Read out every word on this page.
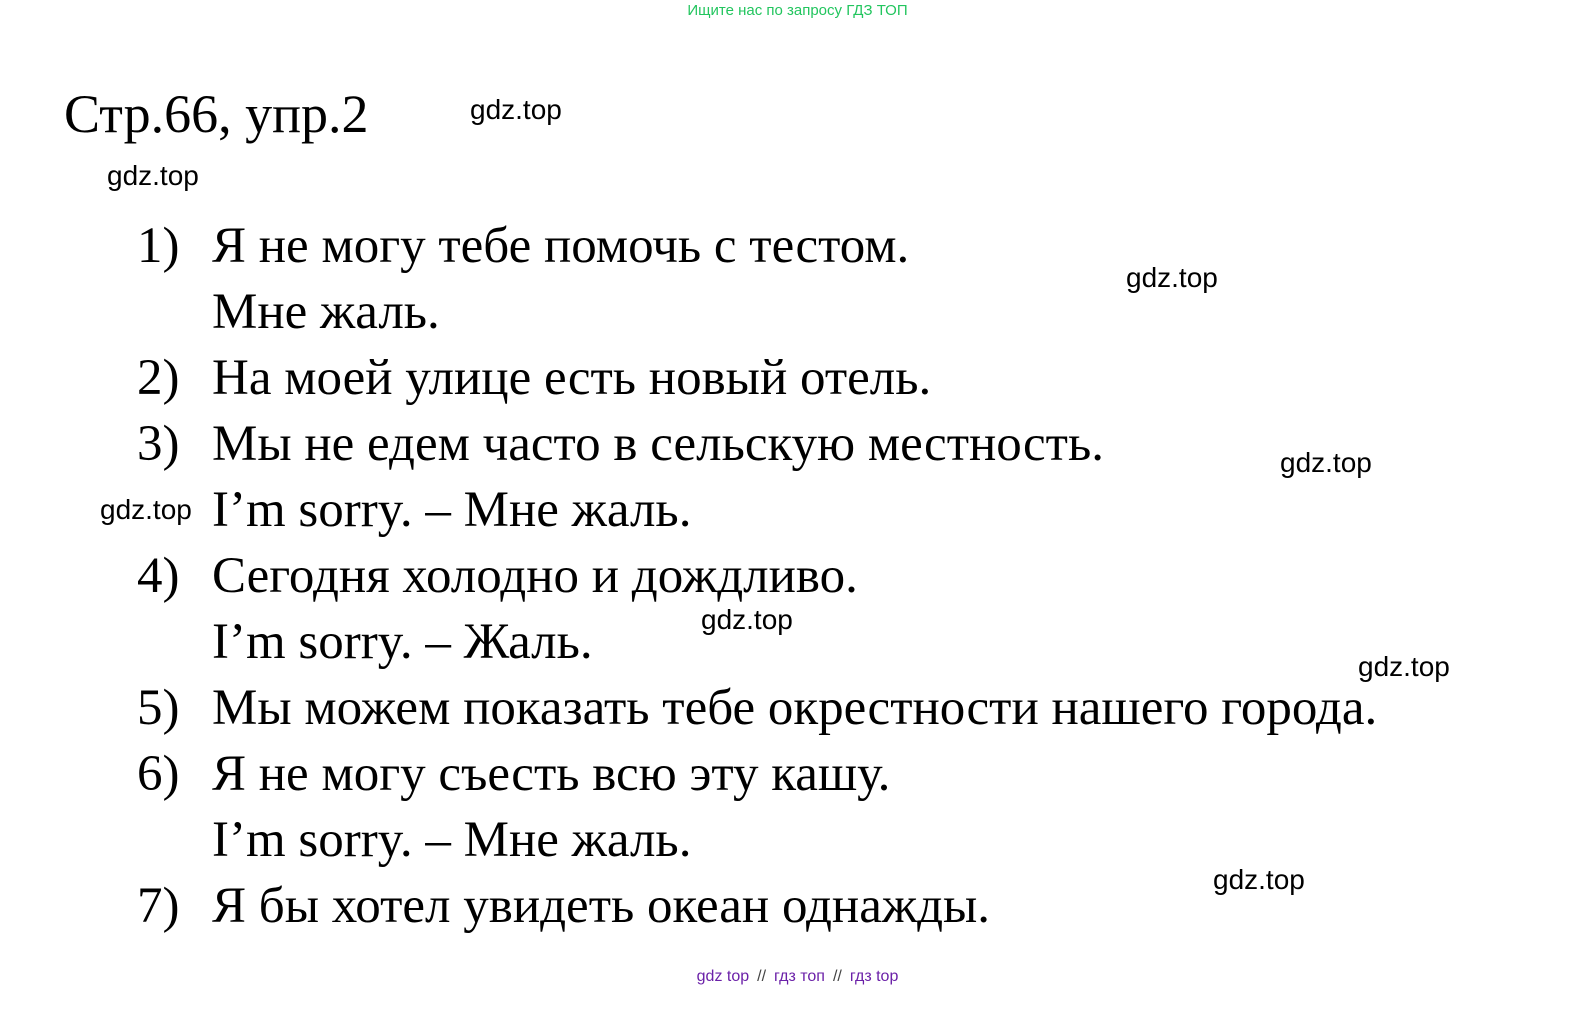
Ищите нас по запросу ГДЗ ТОП
Стр.66, упр.2	gdz.top
gdz.top
gdz.top
gdz.top
gdz.top
gdz.top
gdz.top
gdz.top
1) Я не могу тебе помочь с тестом.
Мне жаль.
2) На моей улице есть новый отель.
3) Мы не едем часто в сельскую местность.
I’m sorry. – Мне жаль.
4) Сегодня холодно и дождливо.
I’m sorry. – Жаль.
5) Мы можем показать тебе окрестности нашего города.
6) Я не могу съесть всю эту кашу.
I’m sorry. – Мне жаль.
7) Я бы хотел увидеть океан однажды.
gdz top // гдз топ // гдз top
